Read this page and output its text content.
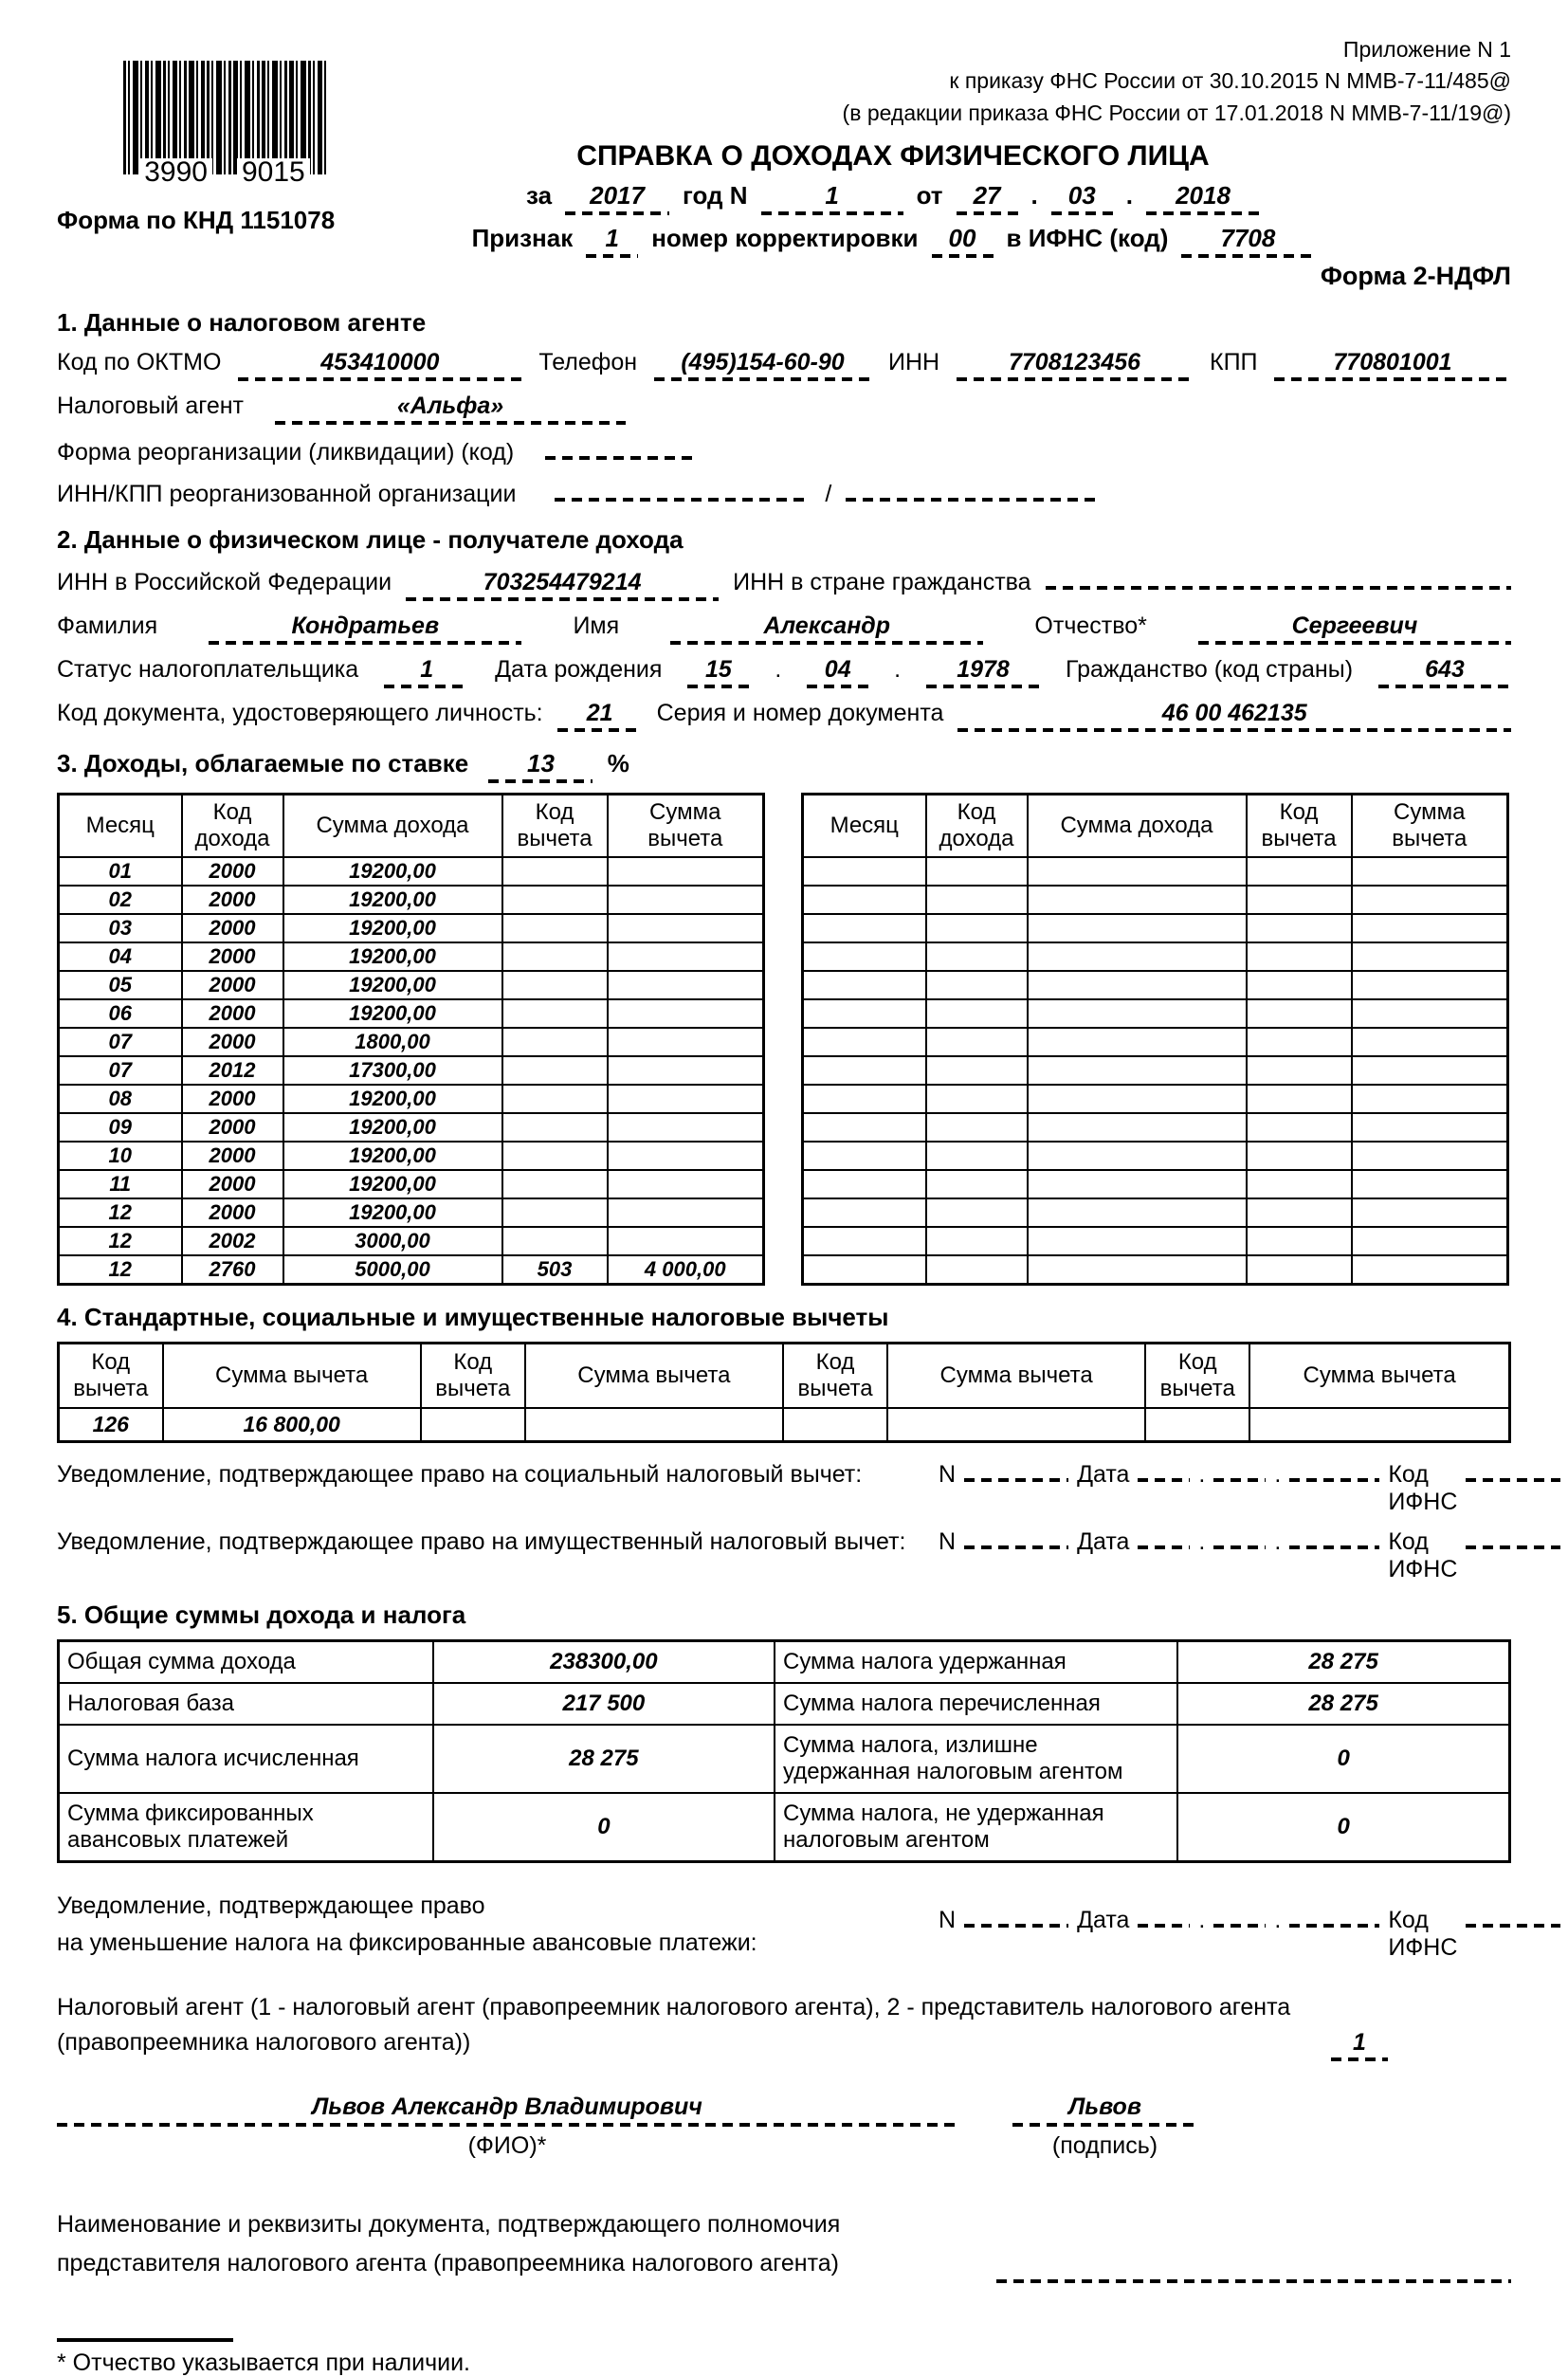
3990 9015
Форма по КНД 1151078
Приложение N 1
к приказу ФНС России от 30.10.2015 N ММВ-7-11/485@
(в редакции приказа ФНС России от 17.01.2018 N ММВ-7-11/19@)
СПРАВКА О ДОХОДАХ ФИЗИЧЕСКОГО ЛИЦА
за	2017	год N	1	от	27	.	03	.	2018
Признак	1	номер корректировки	00	в ИФНС (код)	7708
Форма 2-НДФЛ
1. Данные о налоговом агенте
Код по ОКТМО	453410000	Телефон	(495)154-60-90	ИНН	7708123456	КПП	770801001
Налоговый агент	«Альфа»
Форма реорганизации (ликвидации) (код)
ИНН/КПП реорганизованной организации	/
2. Данные о физическом лице - получателе дохода
ИНН в Российской Федерации	703254479214	ИНН в стране гражданства
Фамилия	Кондратьев	Имя	Александр	Отчество*	Сергеевич
Статус налогоплательщика	1	Дата рождения	15	.	04	.	1978	Гражданство (код страны)	643
Код документа, удостоверяющего личность:	21	Серия и номер документа	46 00 462135
3. Доходы, облагаемые по ставке 13 %
Месяц	Код дохода	Сумма дохода	Код вычета	Сумма вычета
01	2000	19200,00		
02	2000	19200,00		
03	2000	19200,00		
04	2000	19200,00		
05	2000	19200,00		
06	2000	19200,00		
07	2000	1800,00		
07	2012	17300,00		
08	2000	19200,00		
09	2000	19200,00		
10	2000	19200,00		
11	2000	19200,00		
12	2000	19200,00		
12	2002	3000,00		
12	2760	5000,00	503	4 000,00
Месяц	Код дохода	Сумма дохода	Код вычета	Сумма вычета

4. Стандартные, социальные и имущественные налоговые вычеты
Код вычета	Сумма вычета	Код вычета	Сумма вычета	Код вычета	Сумма вычета	Код вычета	Сумма вычета
126	16 800,00						
Уведомление, подтверждающее право на социальный налоговый вычет:	N	Дата	.	.	Код ИФНС
Уведомление, подтверждающее право на имущественный налоговый вычет:	N	Дата	.	.	Код ИФНС
5. Общие суммы дохода и налога
Общая сумма дохода	238300,00	Сумма налога удержанная	28 275
Налоговая база	217 500	Сумма налога перечисленная	28 275
Сумма налога исчисленная	28 275	Сумма налога, излишне удержанная налоговым агентом	0
Сумма фиксированных авансовых платежей	0	Сумма налога, не удержанная налоговым агентом	0
Уведомление, подтверждающее право
на уменьшение налога на фиксированные авансовые платежи:
N	Дата	.	.	Код ИФНС
Налоговый агент (1 - налоговый агент (правопреемник налогового агента), 2 - представитель налогового агента
(правопреемника налогового агента))	1
Львов Александр Владимирович
(ФИО)*
Львов
(подпись)
Наименование и реквизиты документа, подтверждающего полномочия
представителя налогового агента (правопреемника налогового агента)
* Отчество указывается при наличии.
